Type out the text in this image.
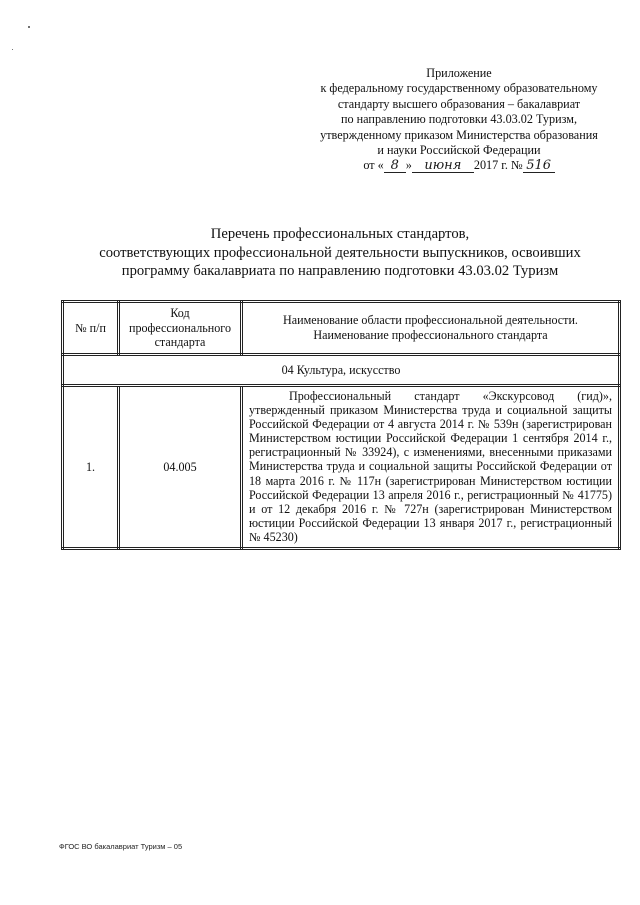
Приложение
к федеральному государственному образовательному
стандарту высшего образования – бакалавриат
по направлению подготовки 43.03.02 Туризм,
утвержденному приказом Министерства образования
и науки Российской Федерации
от « 8 » июня 2017 г. № 516
Перечень профессиональных стандартов,
соответствующих профессиональной деятельности выпускников, освоивших
программу бакалавриата по направлению подготовки 43.03.02 Туризм
№ п/п	Код профессионального стандарта	Наименование области профессиональной деятельности.
Наименование профессионального стандарта
04 Культура, искусство		
1.	04.005	Профессиональный стандарт «Экскурсовод (гид)», утвержденный приказом Министерства труда и социальной защиты Российской Федерации от 4 августа 2014 г. № 539н (зарегистрирован Министерством юстиции Российской Федерации 1 сентября 2014 г., регистрационный № 33924), с изменениями, внесенными приказами Министерства труда и социальной защиты Российской Федерации от 18 марта 2016 г. № 117н (зарегистрирован Министерством юстиции Российской Федерации 13 апреля 2016 г., регистрационный № 41775) и от 12 декабря 2016 г. № 727н (зарегистрирован Министерством юстиции Российской Федерации 13 января 2017 г., регистрационный № 45230)

ФГОС ВО бакалавриат Туризм – 05
